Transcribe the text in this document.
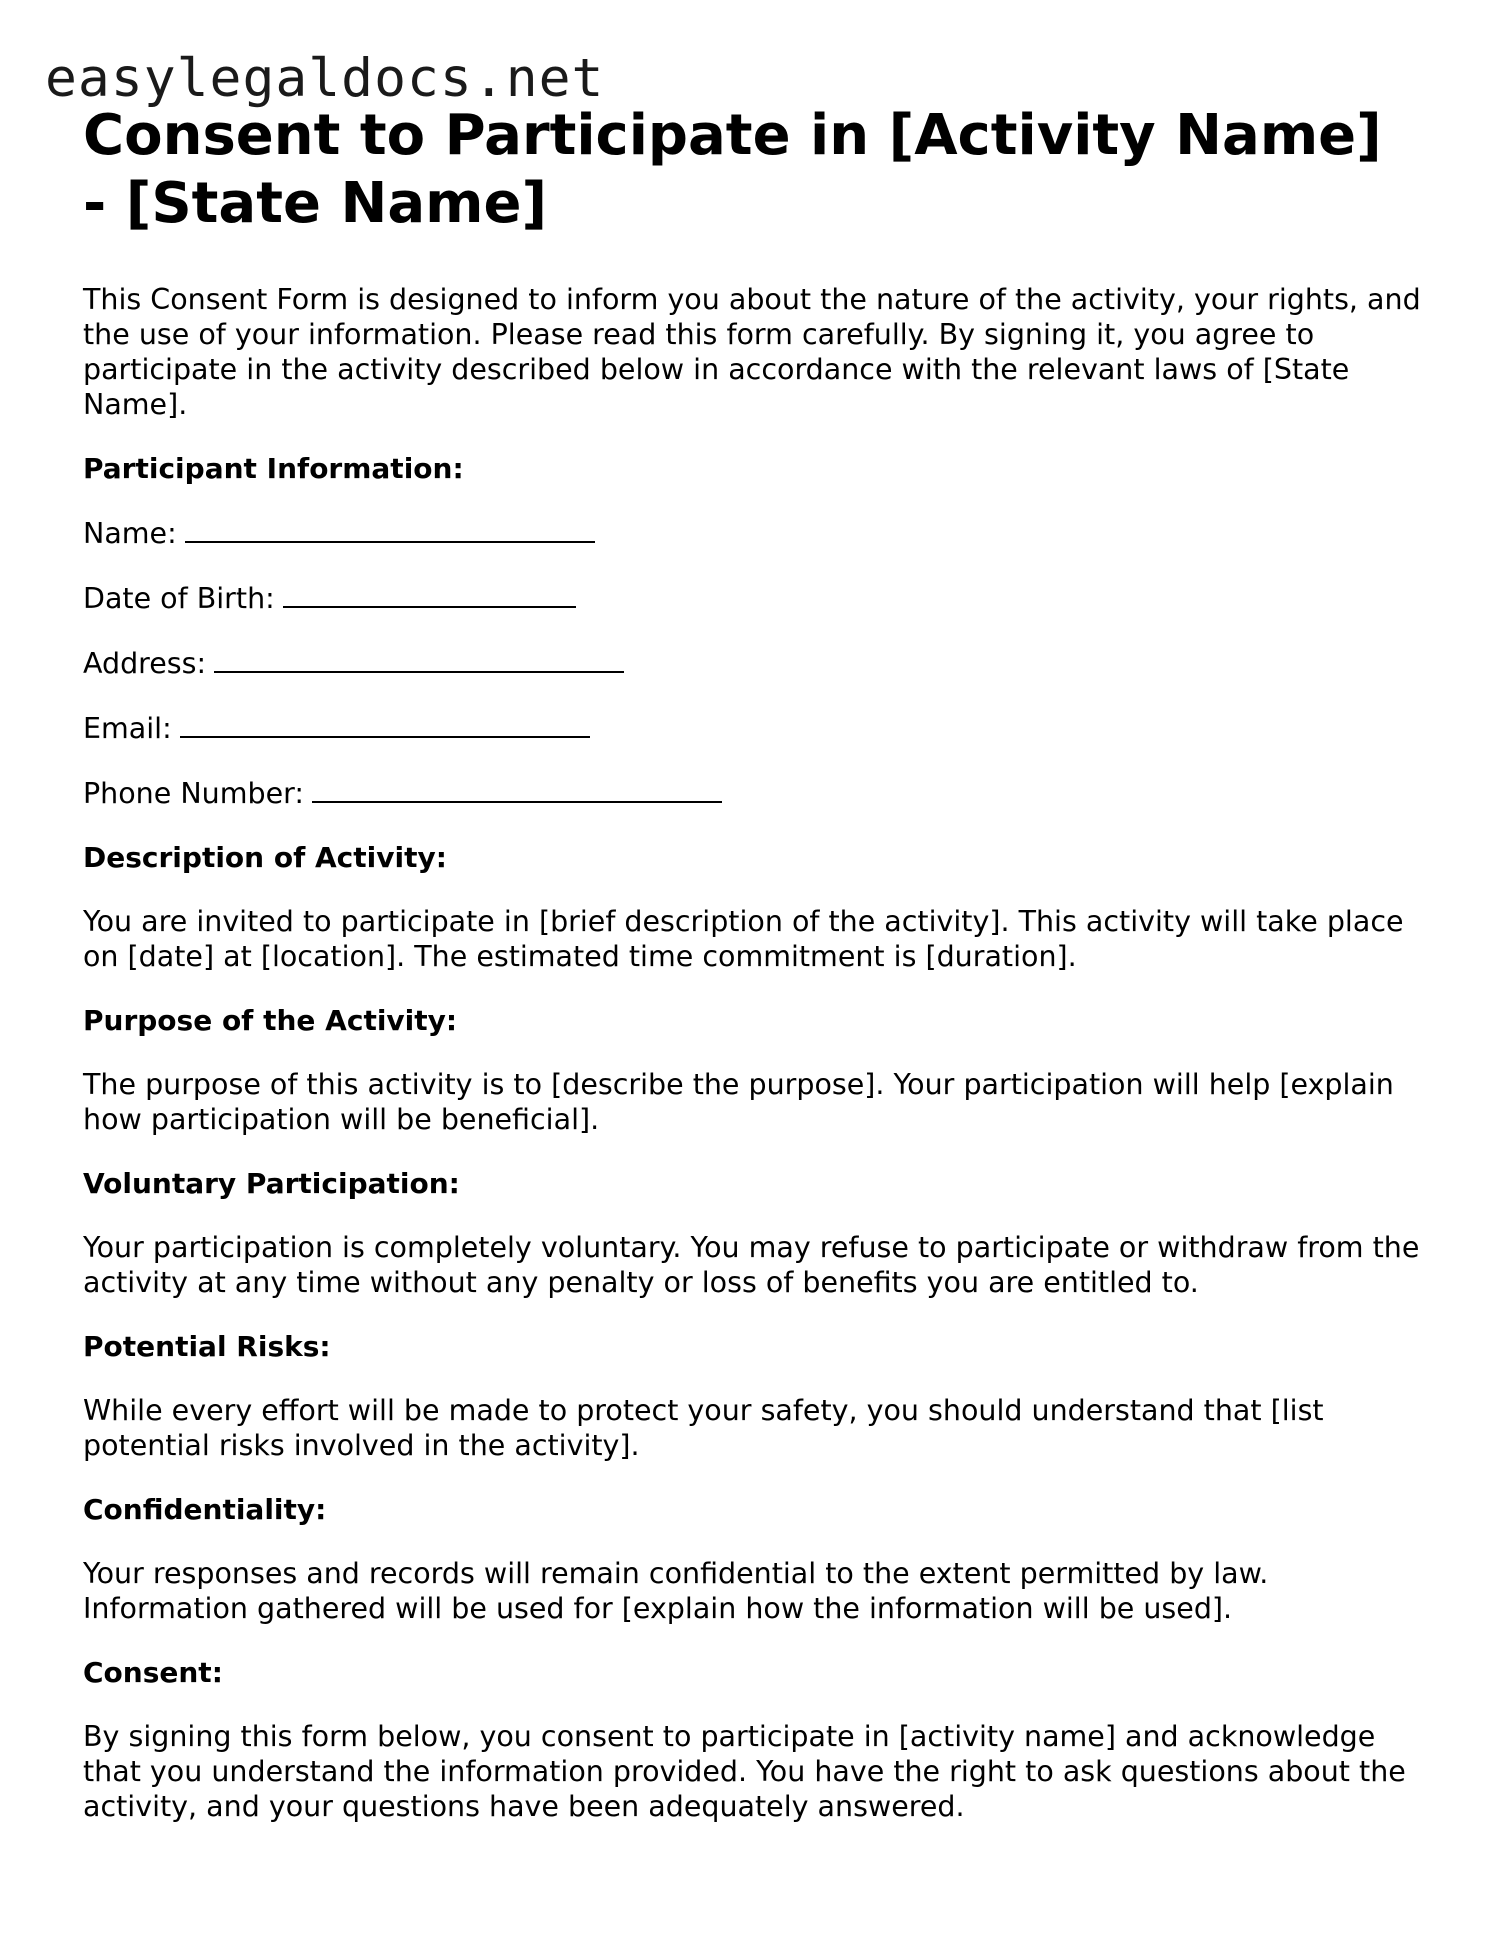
easylegaldocs.net
Consent to Participate in [Activity Name] - [State Name]

This Consent Form is designed to inform you about the nature of the activity, your rights, and the use of your information. Please read this form carefully. By signing it, you agree to participate in the activity described below in accordance with the relevant laws of [State Name].

Participant Information:
Name:
Date of Birth:
Address:
Email:
Phone Number:
Description of Activity:

You are invited to participate in [brief description of the activity]. This activity will take place on [date] at [location]. The estimated time commitment is [duration].

Purpose of the Activity:

The purpose of this activity is to [describe the purpose]. Your participation will help [explain how participation will be beneficial].

Voluntary Participation:

Your participation is completely voluntary. You may refuse to participate or withdraw from the activity at any time without any penalty or loss of benefits you are entitled to.

Potential Risks:

While every effort will be made to protect your safety, you should understand that [list potential risks involved in the activity].

Confidentiality:

Your responses and records will remain confidential to the extent permitted by law. Information gathered will be used for [explain how the information will be used].

Consent:

By signing this form below, you consent to participate in [activity name] and acknowledge that you understand the information provided. You have the right to ask questions about the activity, and your questions have been adequately answered.
